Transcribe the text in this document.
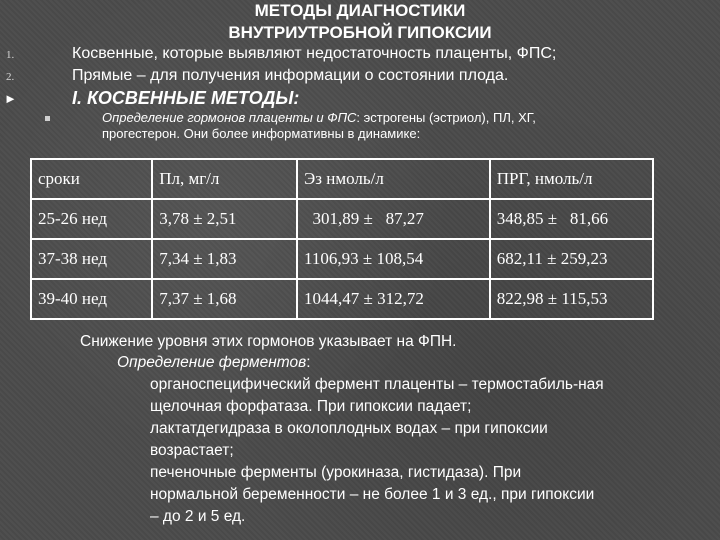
МЕТОДЫ ДИАГНОСТИКИ
ВНУТРИУТРОБНОЙ ГИПОКСИИ
1.	Косвенные, которые выявляют недостаточность плаценты, ФПС;
2.	Прямые – для получения информации о состоянии плода.
►	I. КОСВЕННЫЕ МЕТОДЫ:
Определение гормонов плаценты и ФПС: эстрогены (эстриол), ПЛ, ХГ,
прогестерон. Они более информативны в динамике:
сроки	Пл, мг/л	Эз нмоль/л	ПРГ, нмоль/л
25-26 нед	3,78 ± 2,51	301,89 ±   87,27	348,85 ±   81,66
37-38 нед	7,34 ± 1,83	1106,93 ± 108,54	682,11 ± 259,23
39-40 нед	7,37 ± 1,68	1044,47 ± 312,72	822,98 ± 115,53
Снижение уровня этих гормонов указывает на ФПН.
Определение ферментов:
органоспецифический фермент плаценты – термостабиль-ная
щелочная форфатаза. При гипоксии падает;
лактатдегидраза в околоплодных водах – при гипоксии
возрастает;
печеночные ферменты (урокиназа, гистидаза). При
нормальной беременности – не более 1 и 3 ед., при гипоксии
– до 2 и 5 ед.
